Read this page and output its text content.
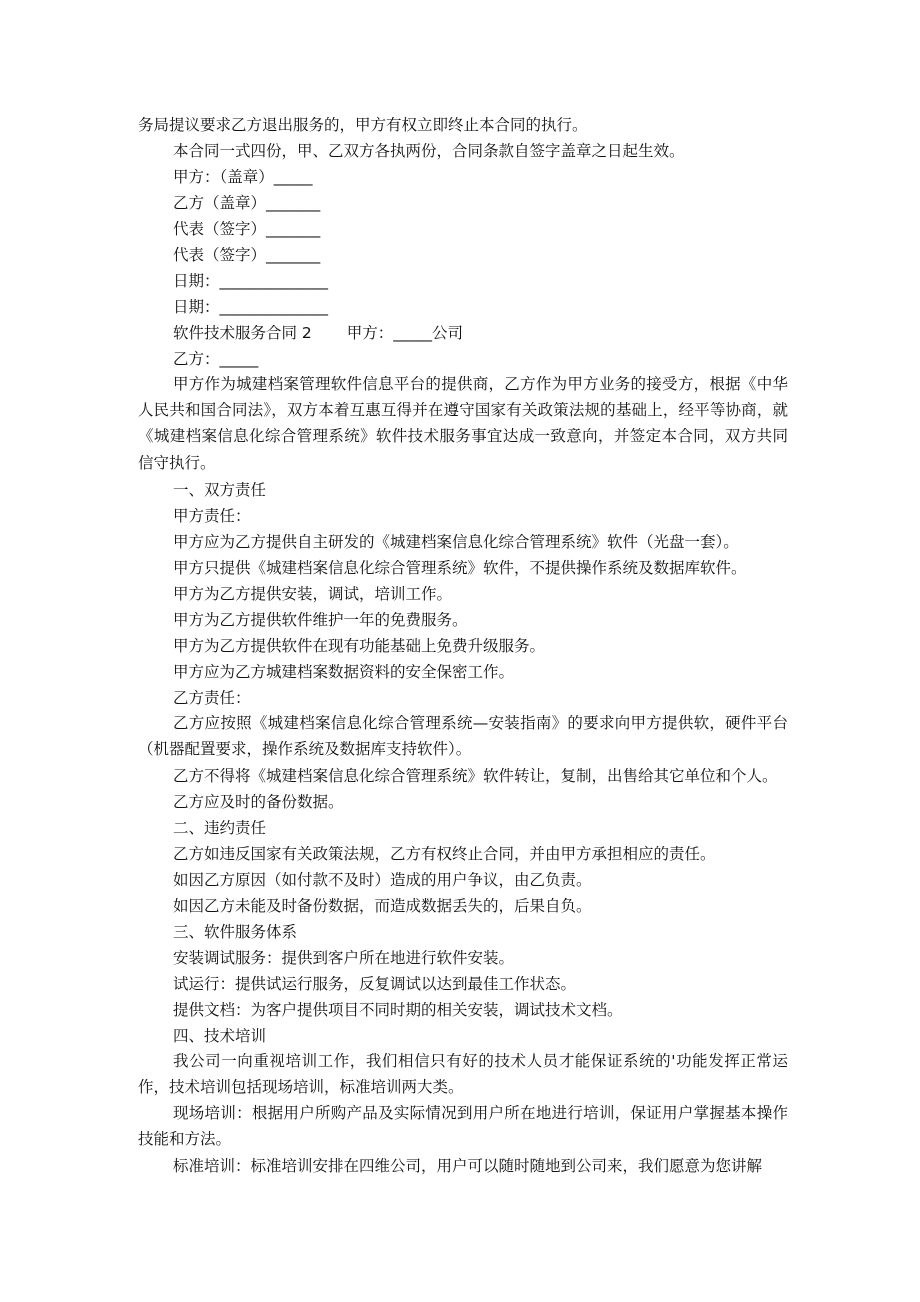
务局提议要求乙方退出服务的，甲方有权立即终止本合同的执行。
本合同一式四份，甲、乙双方各执两份，合同条款自签字盖章之日起生效。
甲方：（盖章）_____
乙方（盖章）_______
代表（签字）_______
代表（签字）_______
日期：______________
日期：______________
软件技术服务合同 2 甲方：_____公司
乙方：_____
甲方作为城建档案管理软件信息平台的提供商，乙方作为甲方业务的接受方，根据《中华人民共和国合同法》，双方本着互惠互得并在遵守国家有关政策法规的基础上，经平等协商，就《城建档案信息化综合管理系统》软件技术服务事宜达成一致意向，并签定本合同，双方共同信守执行。
一、双方责任
甲方责任：
甲方应为乙方提供自主研发的《城建档案信息化综合管理系统》软件（光盘一套）。
甲方只提供《城建档案信息化综合管理系统》软件，不提供操作系统及数据库软件。
甲方为乙方提供安装，调试，培训工作。
甲方为乙方提供软件维护一年的免费服务。
甲方为乙方提供软件在现有功能基础上免费升级服务。
甲方应为乙方城建档案数据资料的安全保密工作。
乙方责任：
乙方应按照《城建档案信息化综合管理系统—安装指南》的要求向甲方提供软，硬件平台（机器配置要求，操作系统及数据库支持软件）。
乙方不得将《城建档案信息化综合管理系统》软件转让，复制，出售给其它单位和个人。
乙方应及时的备份数据。
二、违约责任
乙方如违反国家有关政策法规，乙方有权终止合同，并由甲方承担相应的责任。
如因乙方原因（如付款不及时）造成的用户争议，由乙负责。
如因乙方未能及时备份数据，而造成数据丢失的，后果自负。
三、软件服务体系
安装调试服务：提供到客户所在地进行软件安装。
试运行：提供试运行服务，反复调试以达到最佳工作状态。
提供文档：为客户提供项目不同时期的相关安装，调试技术文档。
四、技术培训
我公司一向重视培训工作，我们相信只有好的技术人员才能保证系统的'功能发挥正常运作，技术培训包括现场培训，标准培训两大类。
现场培训：根据用户所购产品及实际情况到用户所在地进行培训，保证用户掌握基本操作技能和方法。
标准培训：标准培训安排在四维公司，用户可以随时随地到公司来，我们愿意为您讲解
